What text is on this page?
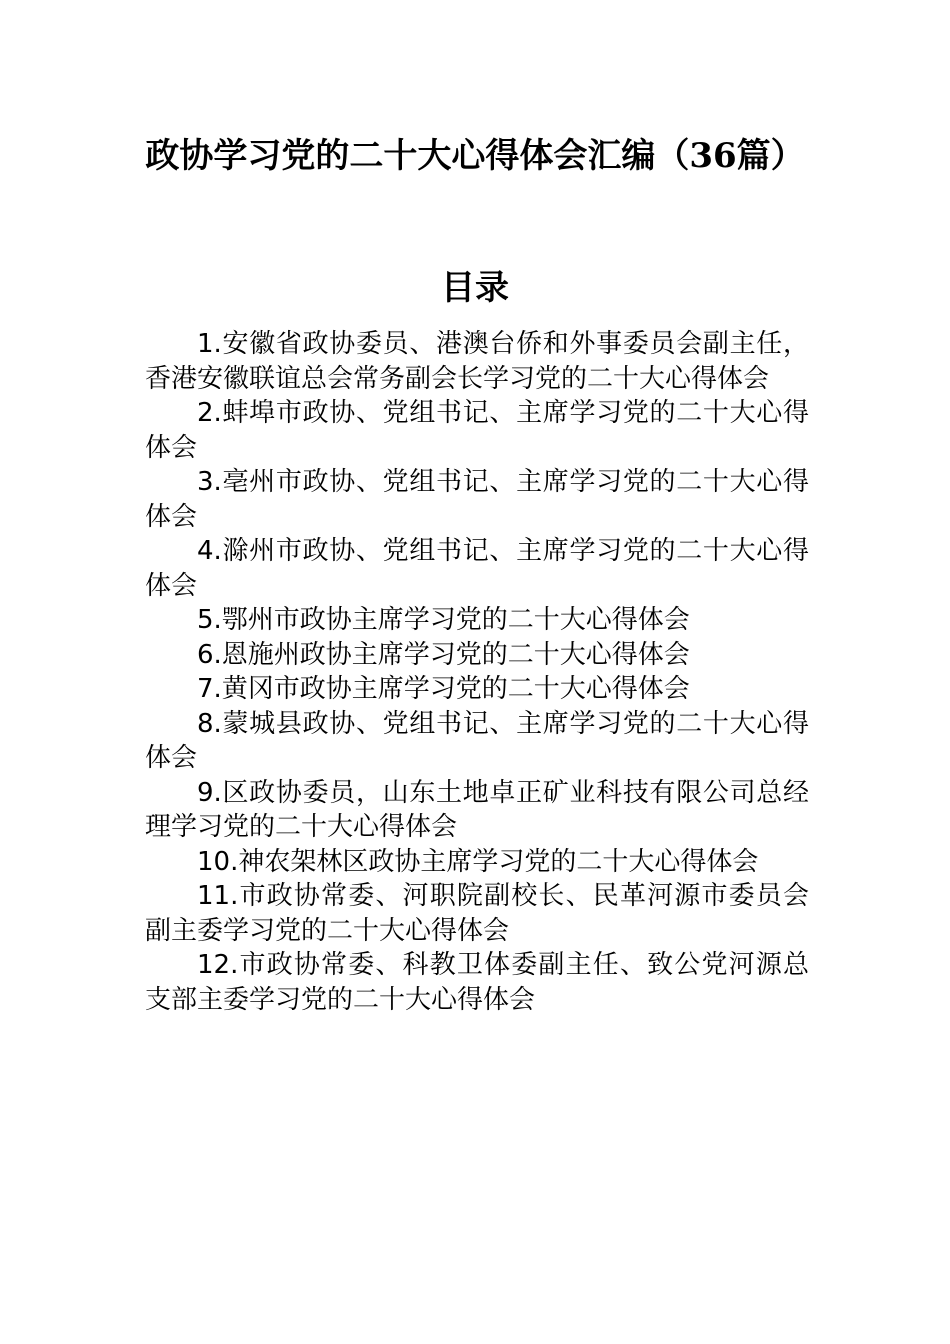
政协学习党的二十大心得体会汇编（36篇）
目录
1.安徽省政协委员、港澳台侨和外事委员会副主任，香港安徽联谊总会常务副会长学习党的二十大心得体会
2.蚌埠市政协、党组书记、主席学习党的二十大心得体会
3.亳州市政协、党组书记、主席学习党的二十大心得体会
4.滁州市政协、党组书记、主席学习党的二十大心得体会
5.鄂州市政协主席学习党的二十大心得体会
6.恩施州政协主席学习党的二十大心得体会
7.黄冈市政协主席学习党的二十大心得体会
8.蒙城县政协、党组书记、主席学习党的二十大心得体会
9.区政协委员，山东土地卓正矿业科技有限公司总经理学习党的二十大心得体会
10.神农架林区政协主席学习党的二十大心得体会
11.市政协常委、河职院副校长、民革河源市委员会副主委学习党的二十大心得体会
12.市政协常委、科教卫体委副主任、致公党河源总支部主委学习党的二十大心得体会
